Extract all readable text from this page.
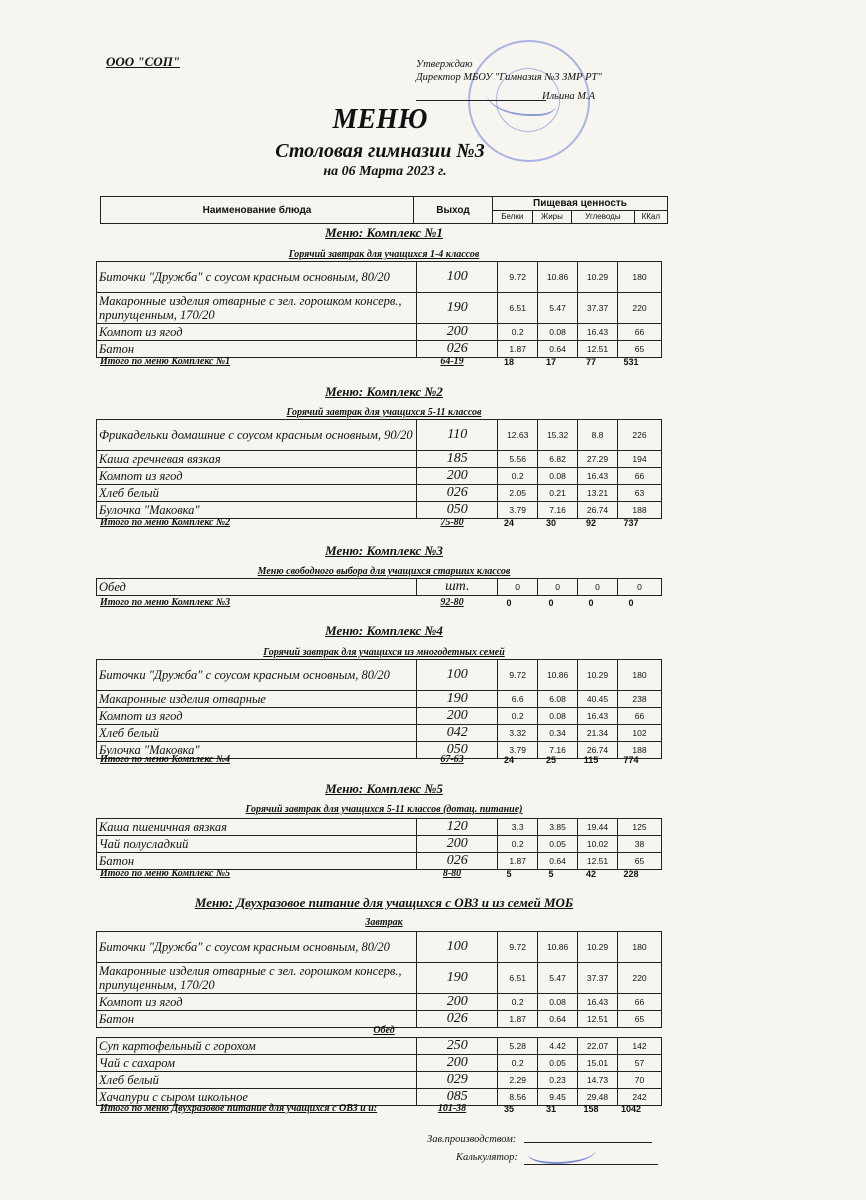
ООО "СОП"	Утверждаю
Директор МБОУ "Гимназия №3 ЗМР РТ"
Ильина М.А
МЕНЮ
Столовая гимназии №3
на 06 Марта 2023 г.
Наименование блюда	Выход	Пищевая ценность			
		Белки	Жиры	Углеводы	ККал
Меню: Комплекс №1
Горячий завтрак для учащихся 1-4 классов
Биточки "Дружба" с соусом красным основным, 80/20	100	9.72	10.86	10.29	180
Макаронные изделия отварные с зел. горошком консерв., припущенным, 170/20	190	6.51	5.47	37.37	220
Компот из ягод	200	0.2	0.08	16.43	66
Батон	026	1.87	0.64	12.51	65
Итого по меню Комплекс №1	64-19	18	17	77	531
Меню: Комплекс №2
Горячий завтрак для учащихся 5-11 классов
Фрикадельки домашние с соусом красным основным, 90/20	110	12.63	15.32	8.8	226
Каша гречневая вязкая	185	5.56	6.82	27.29	194
Компот из ягод	200	0.2	0.08	16.43	66
Хлеб белый	026	2.05	0.21	13.21	63
Булочка "Маковка"	050	3.79	7.16	26.74	188
Итого по меню Комплекс №2	75-80	24	30	92	737
Меню: Комплекс №3
Меню свободного выбора для учащихся старших классов
Обед	шт.	0	0	0	0
Итого по меню Комплекс №3	92-80	0	0	0	0
Меню: Комплекс №4
Горячий завтрак для учащихся из многодетных семей
Биточки "Дружба" с соусом красным основным, 80/20	100	9.72	10.86	10.29	180
Макаронные изделия отварные	190	6.6	6.08	40.45	238
Компот из ягод	200	0.2	0.08	16.43	66
Хлеб белый	042	3.32	0.34	21.34	102
Булочка "Маковка"	050	3.79	7.16	26.74	188
Итого по меню Комплекс №4	67-63	24	25	115	774
Меню: Комплекс №5
Горячий завтрак для учащихся 5-11 классов (дотац. питание)
Каша пшеничная вязкая	120	3.3	3.85	19.44	125
Чай полусладкий	200	0.2	0.05	10.02	38
Батон	026	1.87	0.64	12.51	65
Итого по меню Комплекс №5	8-80	5	5	42	228
Меню: Двухразовое питание для учащихся с ОВЗ и из семей МОБ
Завтрак
Биточки "Дружба" с соусом красным основным, 80/20	100	9.72	10.86	10.29	180
Макаронные изделия отварные с зел. горошком консерв., припущенным, 170/20	190	6.51	5.47	37.37	220
Компот из ягод	200	0.2	0.08	16.43	66
Батон	026	1.87	0.64	12.51	65
Обед
Суп картофельный с горохом	250	5.28	4.42	22.07	142
Чай с сахаром	200	0.2	0.05	15.01	57
Хлеб белый	029	2.29	0.23	14.73	70
Хачапури с сыром школьное	085	8.56	9.45	29.48	242
Итого по меню Двухразовое питание для учащихся с ОВЗ и и:	101-38	35	31	158	1042
Зав.производством:
Калькулятор:
